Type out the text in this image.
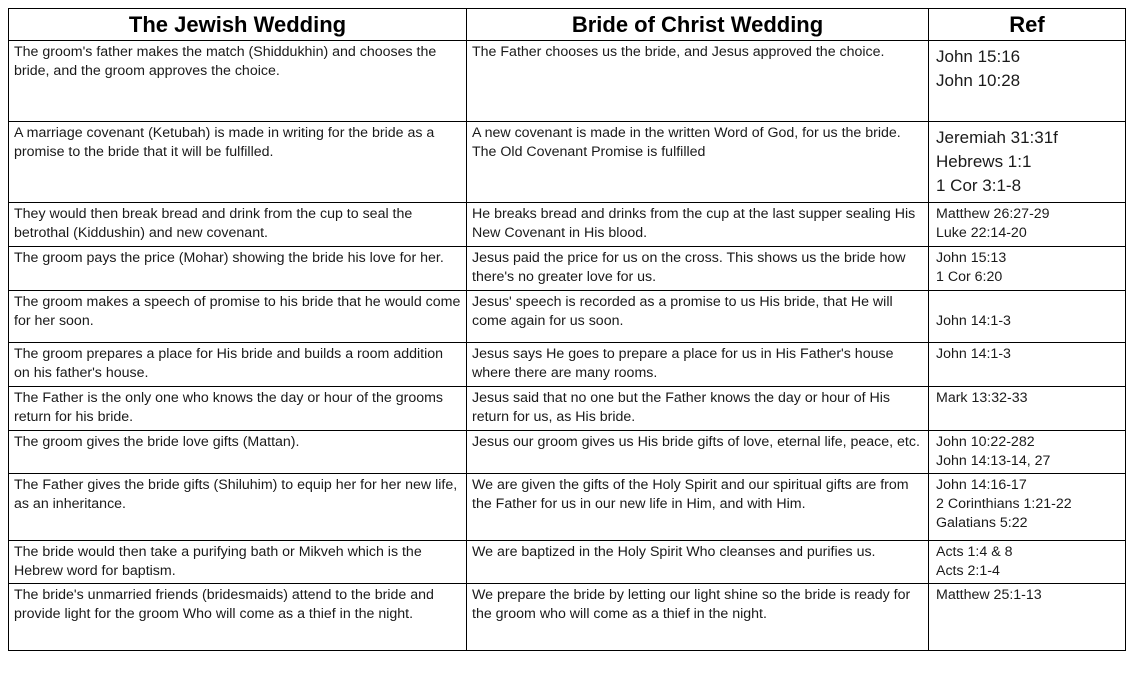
The Jewish Wedding	Bride of Christ Wedding	Ref

The groom's father makes the match (Shiddukhin) and chooses the bride, and the groom approves the choice.	The Father chooses us the bride, and Jesus approved the choice.	John 15:16
John 10:28

A marriage covenant (Ketubah) is made in writing for the bride as a promise to the bride that it will be fulfilled.	A new covenant is made in the written Word of God, for us the bride. The Old Covenant Promise is fulfilled	Jeremiah 31:31f
Hebrews 1:1
1 Cor 3:1-8

They would then break bread and drink from the cup to seal the betrothal (Kiddushin) and new covenant.	He breaks bread and drinks from the cup at the last supper sealing His New Covenant in His blood.	Matthew 26:27-29
Luke 22:14-20

The groom pays the price (Mohar) showing the bride his love for her.	Jesus paid the price for us on the cross. This shows us the bride how there's no greater love for us.	John 15:13
1 Cor 6:20

The groom makes a speech of promise to his bride that he would come for her soon.	Jesus' speech is recorded as a promise to us His bride, that He will come again for us soon.	John 14:1-3

The groom prepares a place for His bride and builds a room addition on his father's house.	Jesus says He goes to prepare a place for us in His Father's house where there are many rooms.	John 14:1-3

The Father is the only one who knows the day or hour of the grooms return for his bride.	Jesus said that no one but the Father knows the day or hour of His return for us, as His bride.	Mark 13:32-33

The groom gives the bride love gifts (Mattan).	Jesus our groom gives us His bride gifts of love, eternal life, peace, etc.	John 10:22-282
John 14:13-14, 27

The Father gives the bride gifts (Shiluhim) to equip her for her new life, as an inheritance.	We are given the gifts of the Holy Spirit and our spiritual gifts are from the Father for us in our new life in Him, and with Him.	John 14:16-17
2 Corinthians 1:21-22
Galatians 5:22

The bride would then take a purifying bath or Mikveh which is the Hebrew word for baptism.	We are baptized in the Holy Spirit Who cleanses and purifies us.	Acts 1:4 & 8
Acts 2:1-4

The bride's unmarried friends (bridesmaids) attend to the bride and provide light for the groom Who will come as a thief in the night.	We prepare the bride by letting our light shine so the bride is ready for the groom who will come as a thief in the night.	Matthew 25:1-13
